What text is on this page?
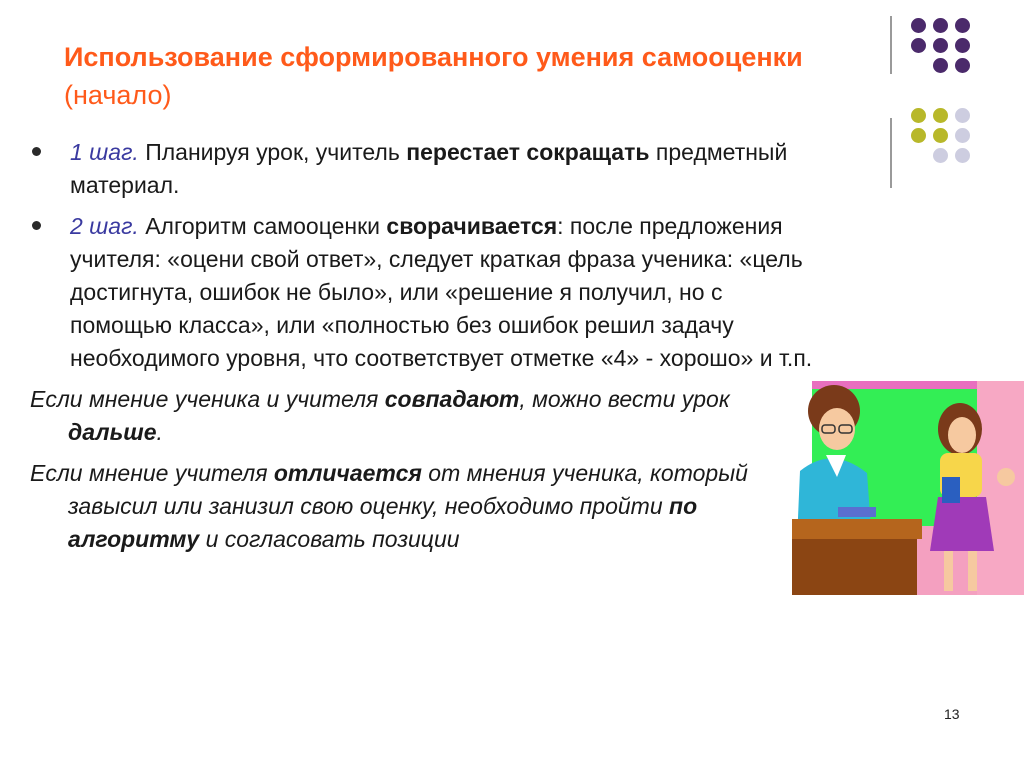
Использование сформированного умения самооценки
(начало)
1 шаг. Планируя урок, учитель перестает сокращать предметный материал.
2 шаг. Алгоритм самооценки сворачивается: после предложения учителя: «оцени свой ответ», следует краткая фраза ученика: «цель достигнута, ошибок не было», или «решение я получил, но с помощью класса», или «полностью без ошибок решил задачу необходимого уровня, что соответствует отметке «4» - хорошо» и т.п.
Если мнение ученика и учителя совпадают, можно вести урок дальше.
Если мнение учителя отличается от мнения ученика, который завысил или занизил свою оценку, необходимо пройти по алгоритму и согласовать позиции
13
